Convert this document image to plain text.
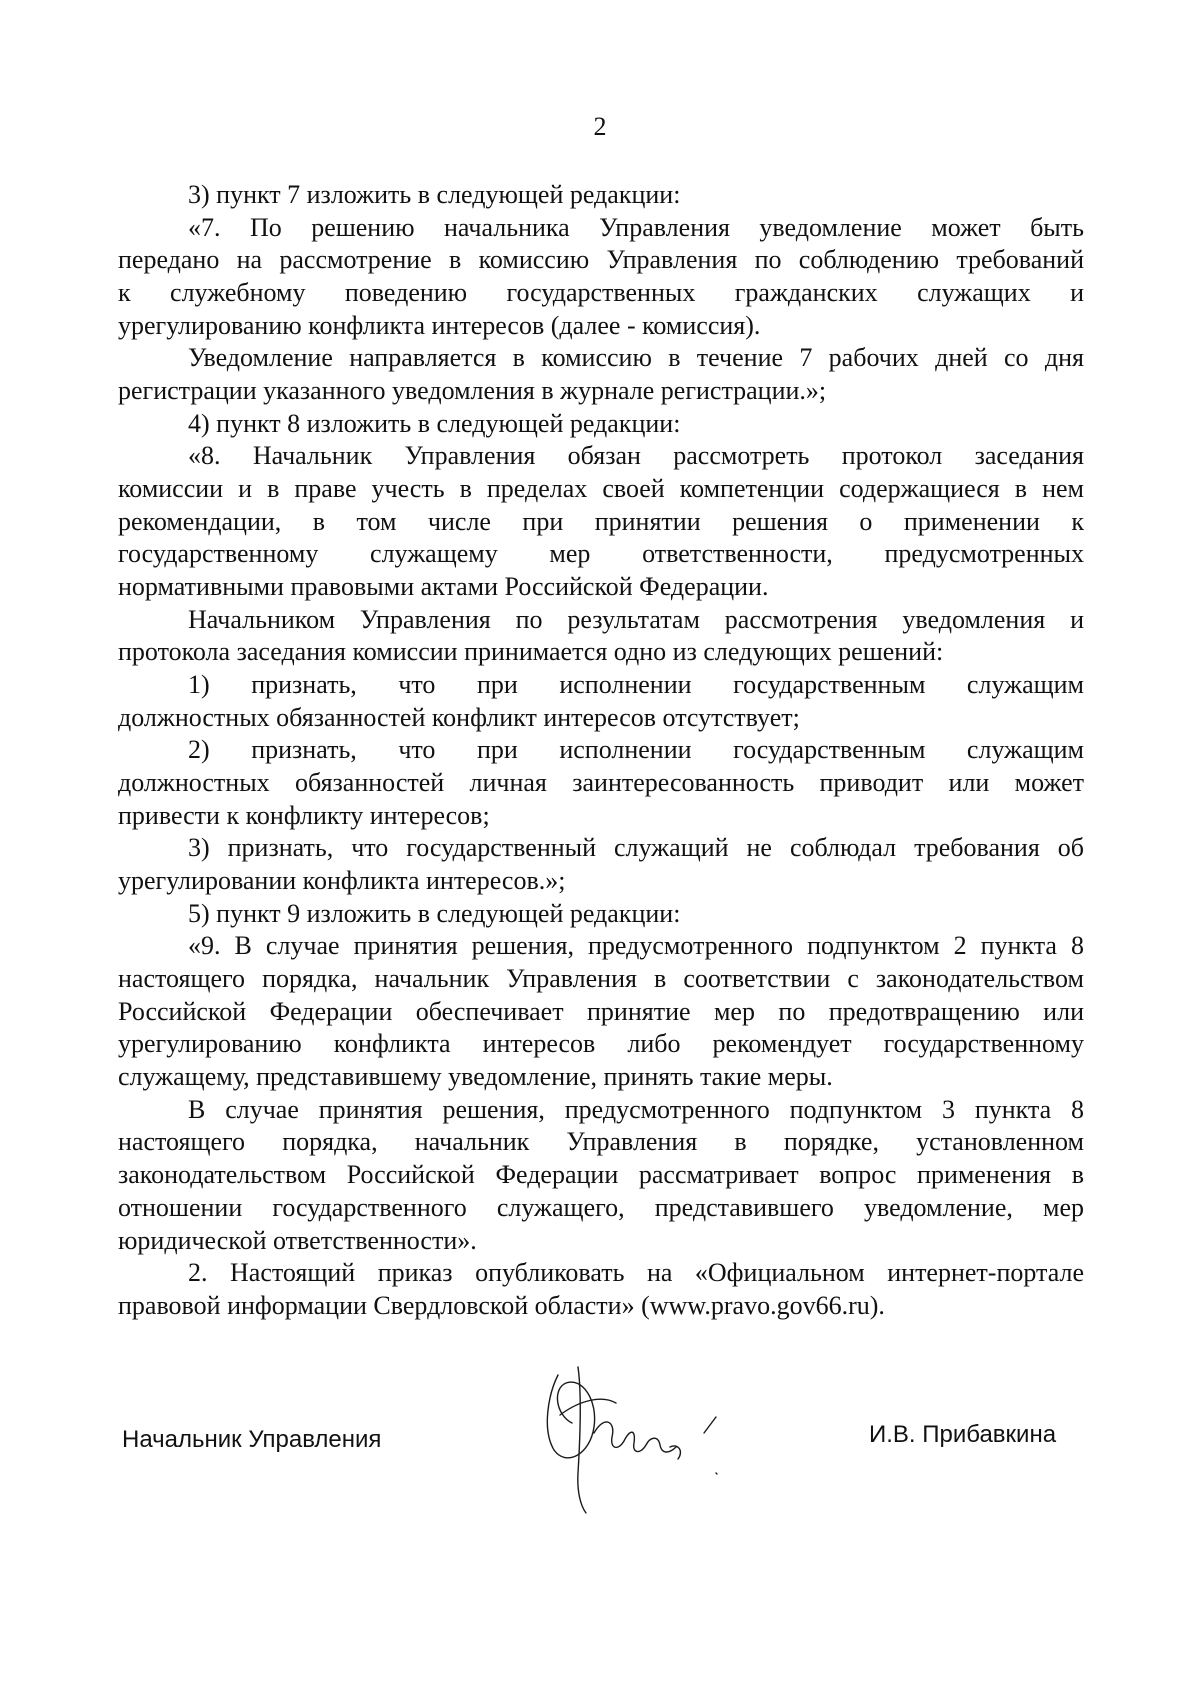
2
3) пункт 7 изложить в следующей редакции:
«7. По решению начальника Управления уведомление может быть
передано на рассмотрение в комиссию Управления по соблюдению требований
к служебному поведению государственных гражданских служащих и
урегулированию конфликта интересов (далее - комиссия).
Уведомление направляется в комиссию в течение 7 рабочих дней со дня
регистрации указанного уведомления в журнале регистрации.»;
4) пункт 8 изложить в следующей редакции:
«8. Начальник Управления обязан рассмотреть протокол заседания
комиссии и в праве учесть в пределах своей компетенции содержащиеся в нем
рекомендации, в том числе при принятии решения о применении к
государственному служащему мер ответственности, предусмотренных
нормативными правовыми актами Российской Федерации.
Начальником Управления по результатам рассмотрения уведомления и
протокола заседания комиссии принимается одно из следующих решений:
1) признать, что при исполнении государственным служащим
должностных обязанностей конфликт интересов отсутствует;
2) признать, что при исполнении государственным служащим
должностных обязанностей личная заинтересованность приводит или может
привести к конфликту интересов;
3) признать, что государственный служащий не соблюдал требования об
урегулировании конфликта интересов.»;
5) пункт 9 изложить в следующей редакции:
«9. В случае принятия решения, предусмотренного подпунктом 2 пункта 8
настоящего порядка, начальник Управления в соответствии с законодательством
Российской Федерации обеспечивает принятие мер по предотвращению или
урегулированию конфликта интересов либо рекомендует государственному
служащему, представившему уведомление, принять такие меры.
В случае принятия решения, предусмотренного подпунктом 3 пункта 8
настоящего порядка, начальник Управления в порядке, установленном
законодательством Российской Федерации рассматривает вопрос применения в
отношении государственного служащего, представившего уведомление, мер
юридической ответственности».
2. Настоящий приказ опубликовать на «Официальном интернет-портале
правовой информации Свердловской области» (www.pravo.gov66.ru).
Начальник Управления	И.В. Прибавкина
